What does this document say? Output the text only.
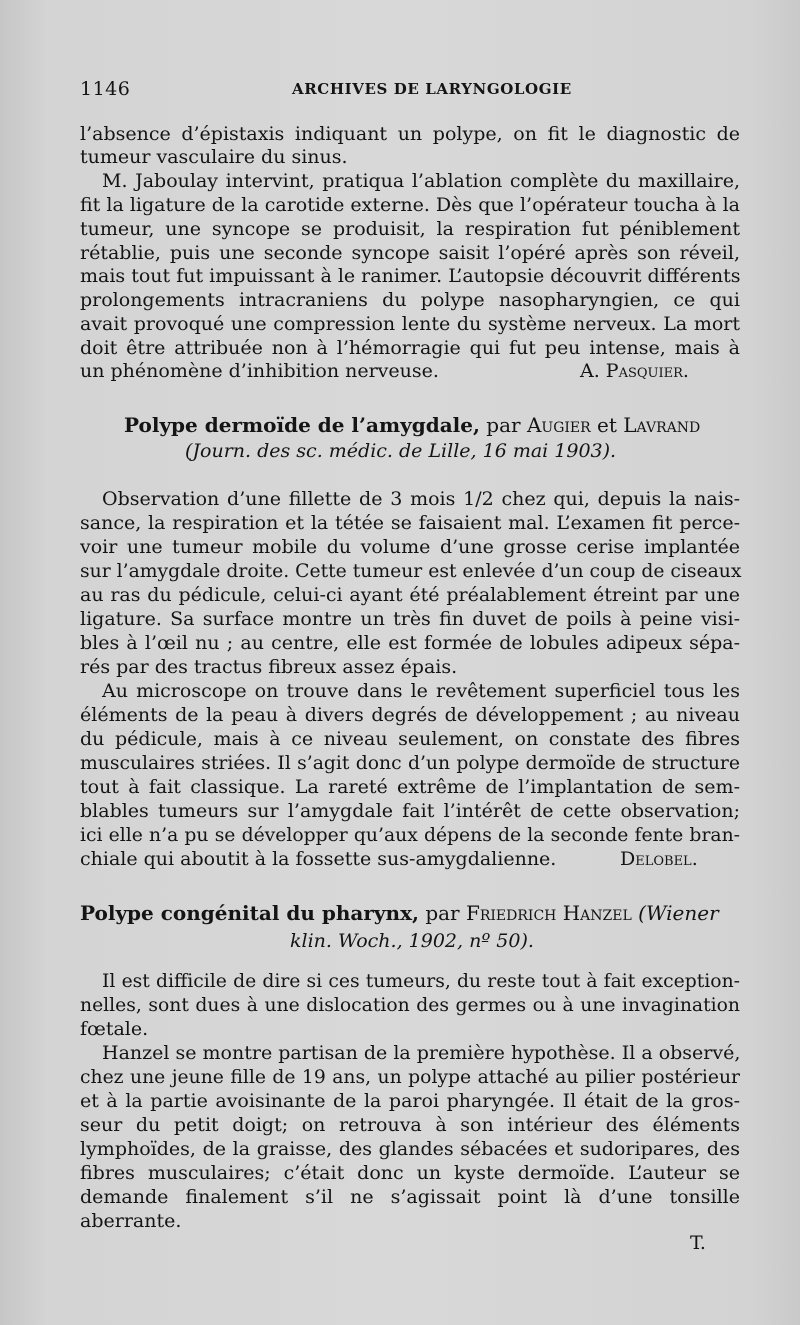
1146	ARCHIVES DE LARYNGOLOGIE
l’absence d’épistaxis indiquant un polype, on fit le diagnostic de
tumeur vasculaire du sinus.
M. Jaboulay intervint, pratiqua l’ablation complète du maxillaire,
fit la ligature de la carotide externe. Dès que l’opérateur toucha à la
tumeur, une syncope se produisit, la respiration fut péniblement
rétablie, puis une seconde syncope saisit l’opéré après son réveil,
mais tout fut impuissant à le ranimer. L’autopsie découvrit différents
prolongements intracraniens du polype nasopharyngien, ce qui
avait provoqué une compression lente du système nerveux. La mort
doit être attribuée non à l’hémorragie qui fut peu intense, mais à
un phénomène d’inhibition nerveuse.	A. Pasquier.
Polype dermoïde de l’amygdale, par Augier et Lavrand
(Journ. des sc. médic. de Lille, 16 mai 1903).
Observation d’une fillette de 3 mois 1/2 chez qui, depuis la nais-
sance, la respiration et la tétée se faisaient mal. L’examen fit perce-
voir une tumeur mobile du volume d’une grosse cerise implantée
sur l’amygdale droite. Cette tumeur est enlevée d’un coup de ciseaux
au ras du pédicule, celui-ci ayant été préalablement étreint par une
ligature. Sa surface montre un très fin duvet de poils à peine visi-
bles à l’œil nu ; au centre, elle est formée de lobules adipeux sépa-
rés par des tractus fibreux assez épais.
Au microscope on trouve dans le revêtement superficiel tous les
éléments de la peau à divers degrés de développement ; au niveau
du pédicule, mais à ce niveau seulement, on constate des fibres
musculaires striées. Il s’agit donc d’un polype dermoïde de structure
tout à fait classique. La rareté extrême de l’implantation de sem-
blables tumeurs sur l’amygdale fait l’intérêt de cette observation;
ici elle n’a pu se développer qu’aux dépens de la seconde fente bran-
chiale qui aboutit à la fossette sus-amygdalienne.	Delobel.
Polype congénital du pharynx, par Friedrich Hanzel (Wiener
klin. Woch., 1902, nº 50).
Il est difficile de dire si ces tumeurs, du reste tout à fait exception-
nelles, sont dues à une dislocation des germes ou à une invagination
fœtale.
Hanzel se montre partisan de la première hypothèse. Il a observé,
chez une jeune fille de 19 ans, un polype attaché au pilier postérieur
et à la partie avoisinante de la paroi pharyngée. Il était de la gros-
seur du petit doigt; on retrouva à son intérieur des éléments
lymphoïdes, de la graisse, des glandes sébacées et sudoripares, des
fibres musculaires; c’était donc un kyste dermoïde. L’auteur se
demande finalement s’il ne s’agissait point là d’une tonsille
aberrante.
T.
